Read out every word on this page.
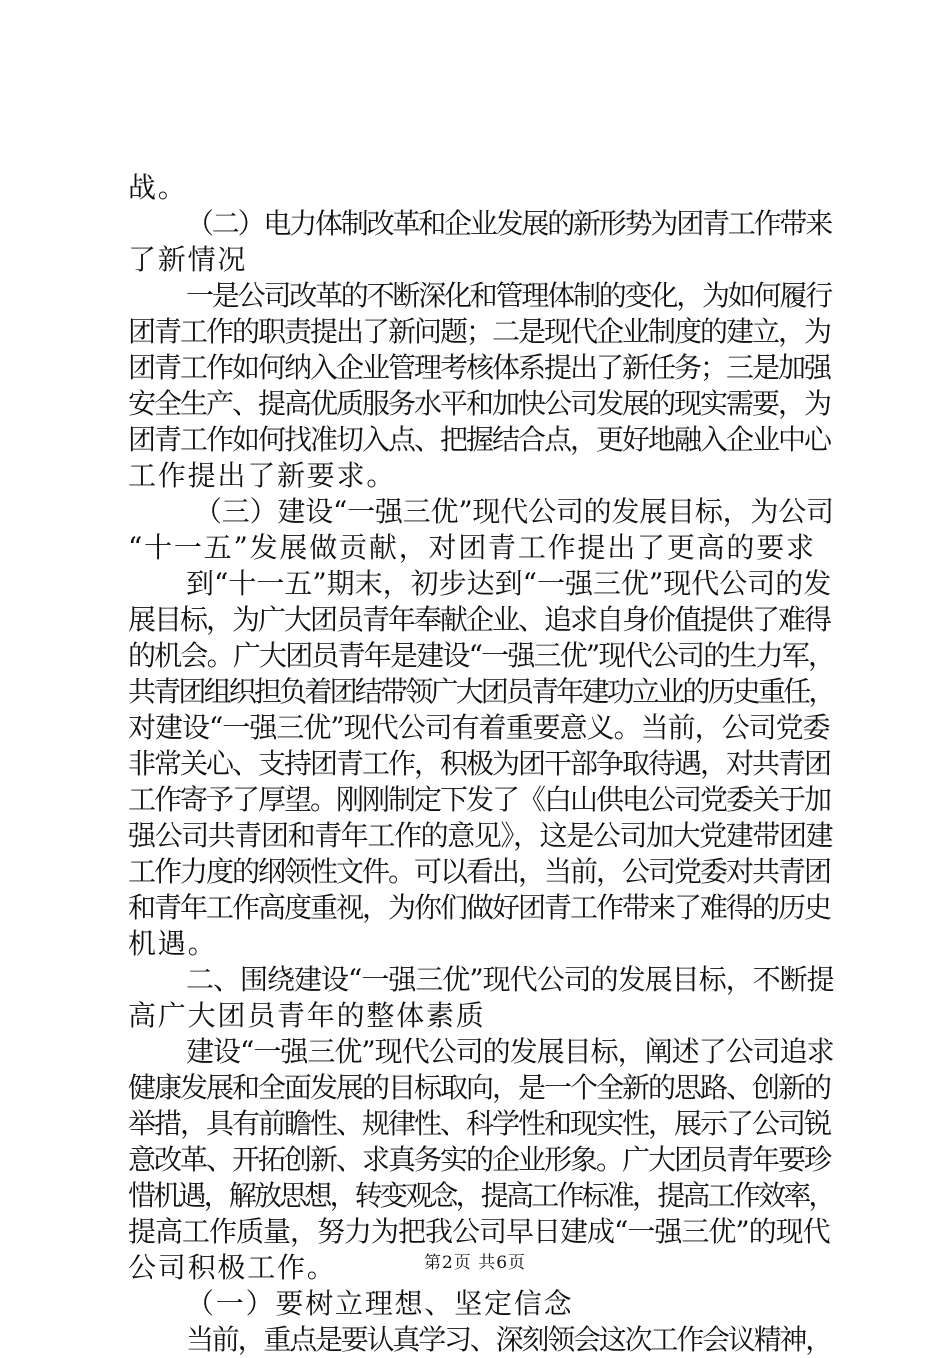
战。
（二）电力体制改革和企业发展的新形势为团青工作带来
了新情况
一是公司改革的不断深化和管理体制的变化，为如何履行
团青工作的职责提出了新问题；二是现代企业制度的建立，为
团青工作如何纳入企业管理考核体系提出了新任务；三是加强
安全生产、提高优质服务水平和加快公司发展的现实需要，为
团青工作如何找准切入点、把握结合点，更好地融入企业中心
工作提出了新要求。
（三）建设“一强三优”现代公司的发展目标，为公司
“十一五”发展做贡献，对团青工作提出了更高的要求
到“十一五”期末，初步达到“一强三优”现代公司的发
展目标，为广大团员青年奉献企业、追求自身价值提供了难得
的机会。广大团员青年是建设“一强三优”现代公司的生力军，
共青团组织担负着团结带领广大团员青年建功立业的历史重任，
对建设“一强三优”现代公司有着重要意义。当前，公司党委
非常关心、支持团青工作，积极为团干部争取待遇，对共青团
工作寄予了厚望。刚刚制定下发了《白山供电公司党委关于加
强公司共青团和青年工作的意见》，这是公司加大党建带团建
工作力度的纲领性文件。可以看出，当前，公司党委对共青团
和青年工作高度重视，为你们做好团青工作带来了难得的历史
机遇。
二、围绕建设“一强三优”现代公司的发展目标，不断提
高广大团员青年的整体素质
建设“一强三优”现代公司的发展目标，阐述了公司追求
健康发展和全面发展的目标取向，是一个全新的思路、创新的
举措，具有前瞻性、规律性、科学性和现实性，展示了公司锐
意改革、开拓创新、求真务实的企业形象。广大团员青年要珍
惜机遇，解放思想，转变观念，提高工作标准，提高工作效率，
提高工作质量，努力为把我公司早日建成“一强三优”的现代
公司积极工作。
（一）要树立理想、坚定信念
当前，重点是要认真学习、深刻领会这次工作会议精神，
第2页 共6页
